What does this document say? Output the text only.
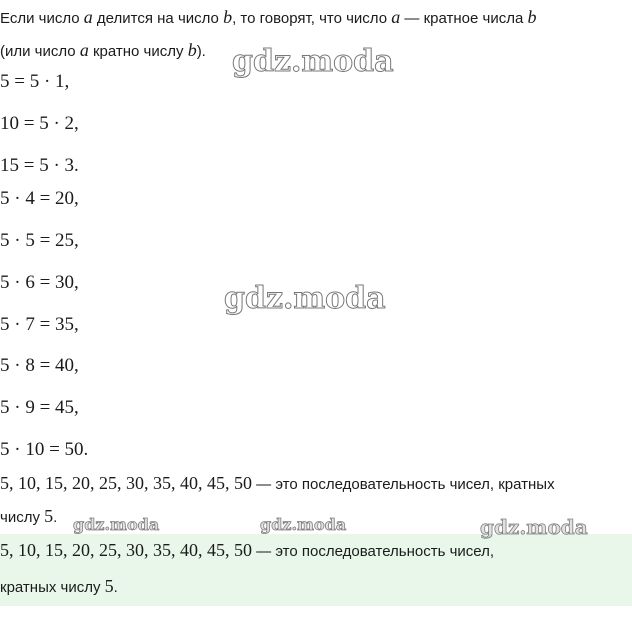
Если число a делится на число b, то говорят, что число a — кратное числа b
(или число a кратно числу b).
5 = 5 · 1,
10 = 5 · 2,
15 = 5 · 3.
5 · 4 = 20,
5 · 5 = 25,
5 · 6 = 30,
5 · 7 = 35,
5 · 8 = 40,
5 · 9 = 45,
5 · 10 = 50.
5, 10, 15, 20, 25, 30, 35, 40, 45, 50 — это последовательность чисел, кратных
числу 5.
5, 10, 15, 20, 25, 30, 35, 40, 45, 50 — это последовательность чисел,
кратных числу 5.
gdz.moda
gdz.moda
gdz.moda	gdz.moda	gdz.moda
